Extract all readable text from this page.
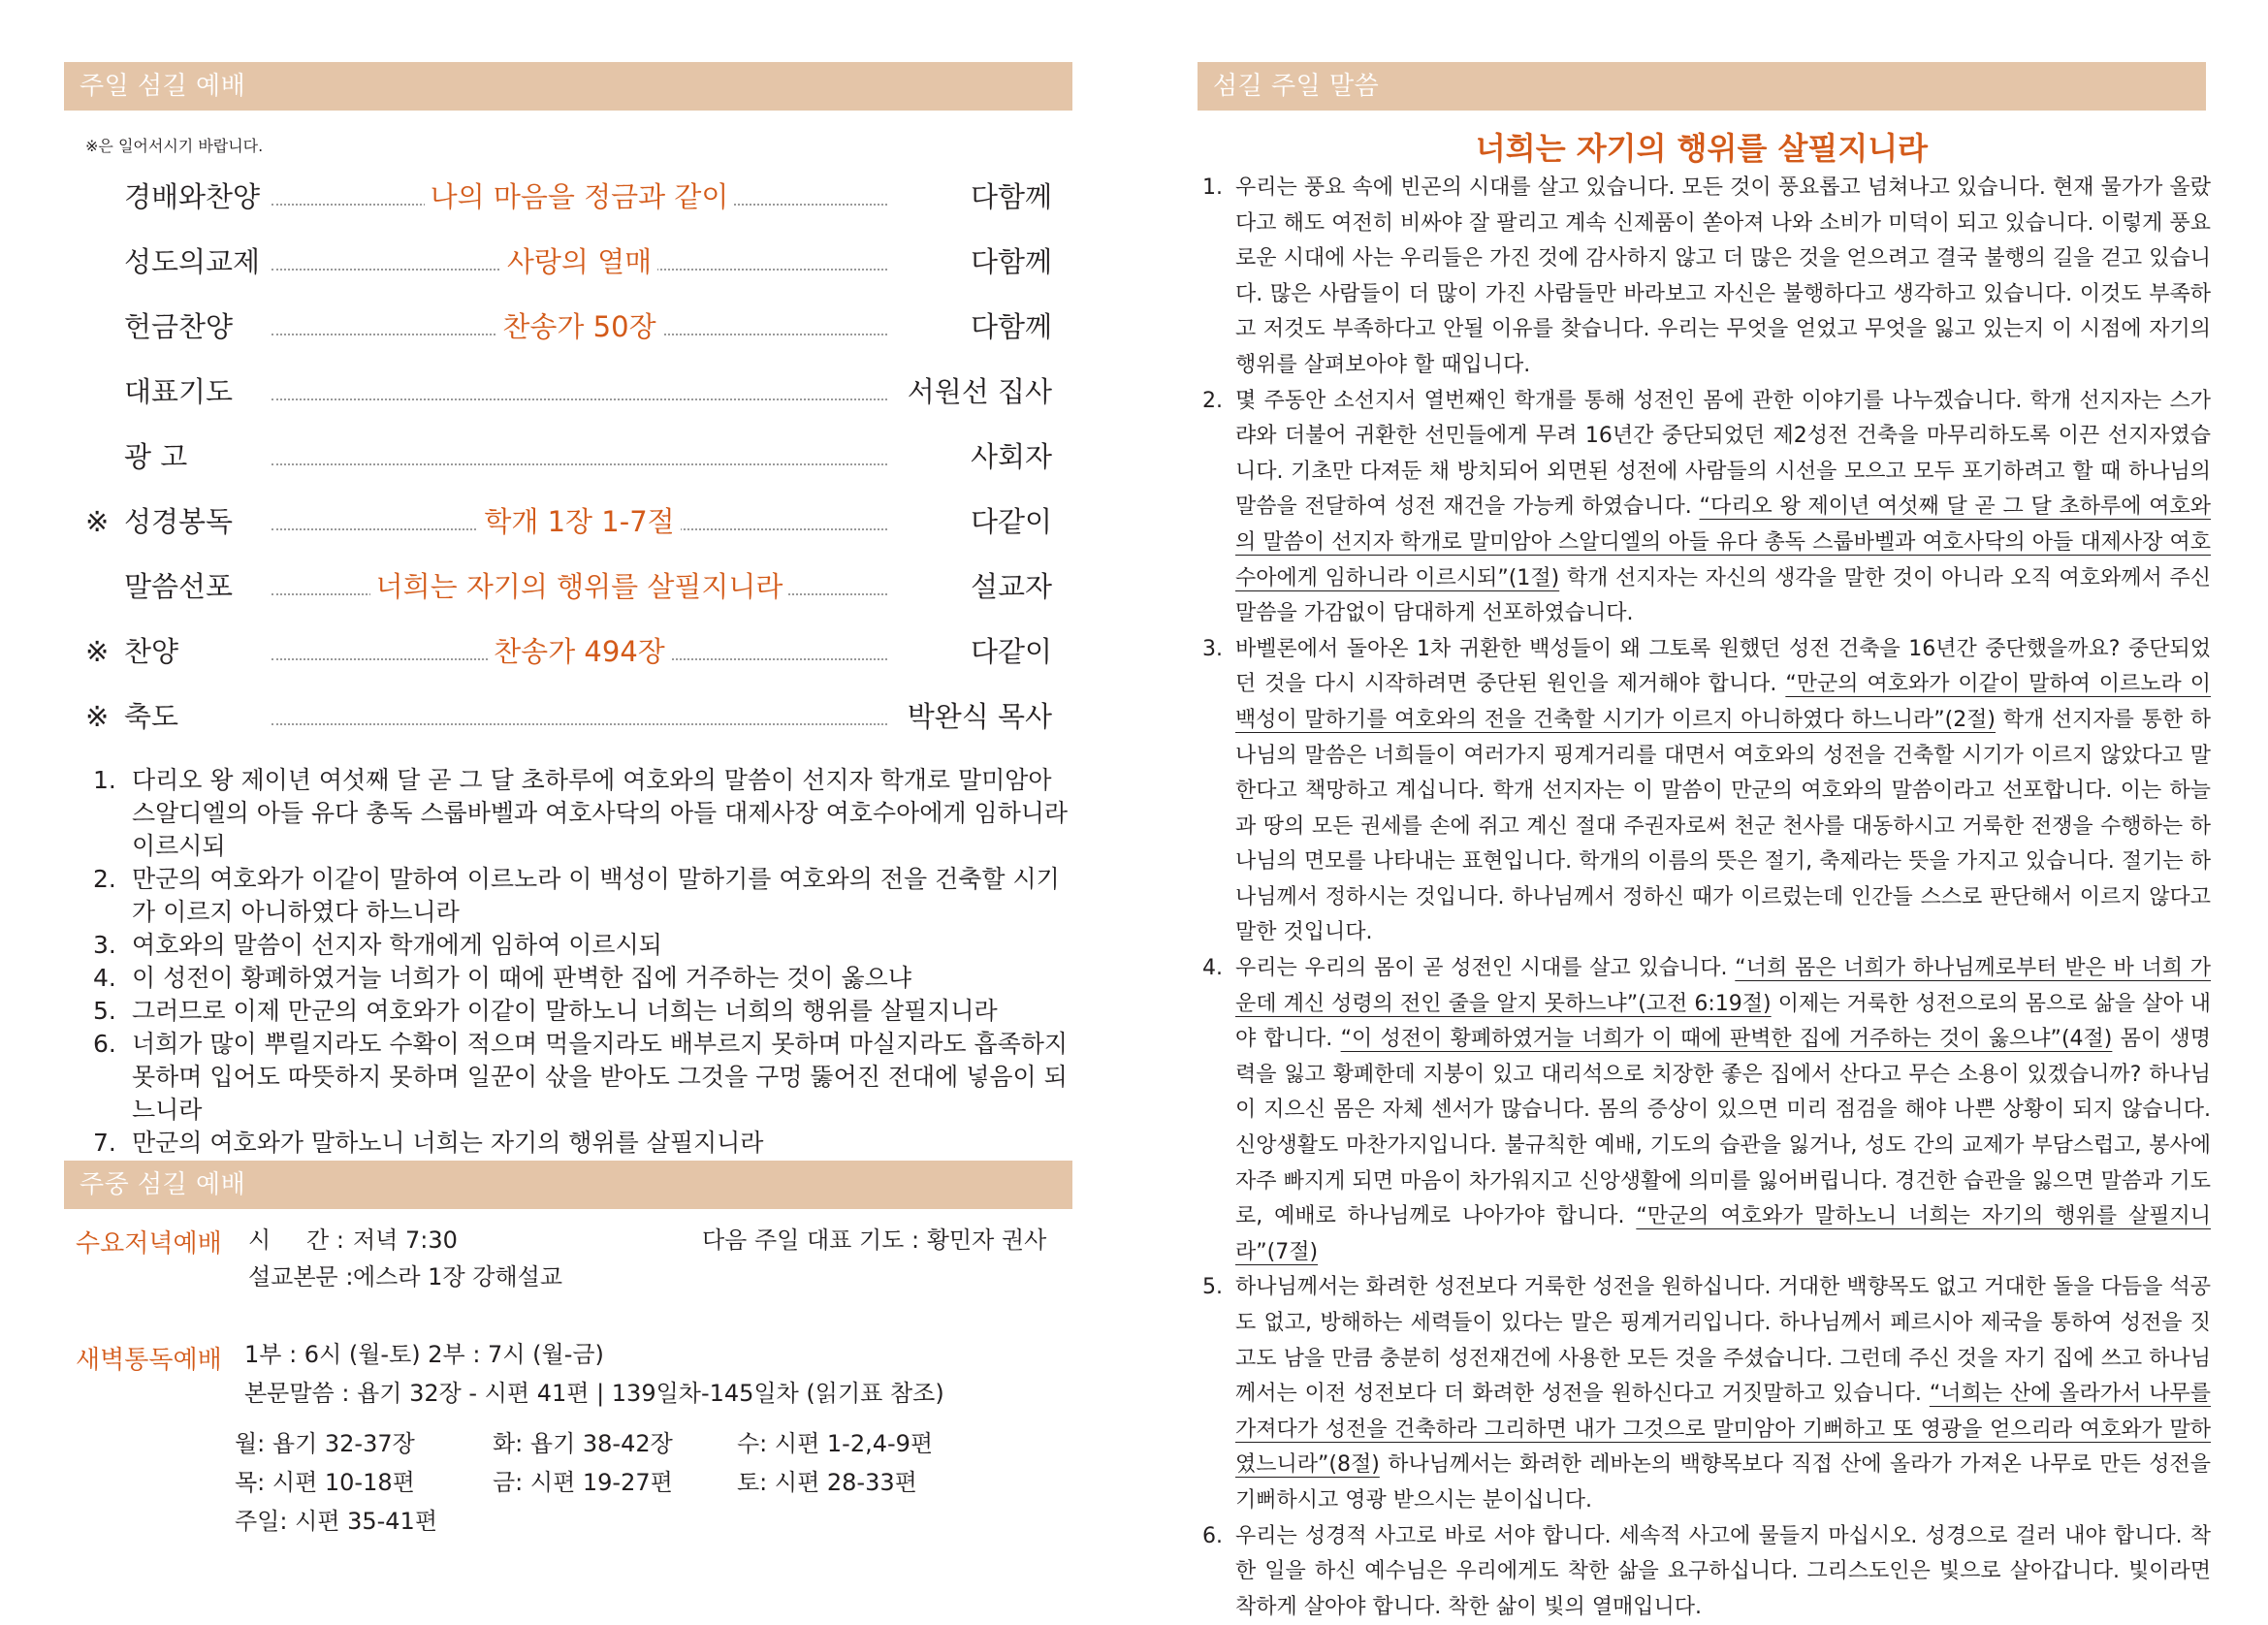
주일 섬길 예배
※은 일어서시기 바랍니다.
경배와찬양	나의 마음을 정금과 같이	다함께
성도의교제	사랑의 열매	다함께
헌금찬양	찬송가 50장	다함께
대표기도	서원선 집사
광 고	사회자
※ 성경봉독	학개 1장 1-7절	다같이
말씀선포	너희는 자기의 행위를 살필지니라	설교자
※ 찬양	찬송가 494장	다같이
※ 축도	박완식 목사
1. 다리오 왕 제이년 여섯째 달 곧 그 달 초하루에 여호와의 말씀이 선지자 학개로 말미암아 스알디엘의 아들 유다 총독 스룹바벨과 여호사닥의 아들 대제사장 여호수아에게 임하니라 이르시되
2. 만군의 여호와가 이같이 말하여 이르노라 이 백성이 말하기를 여호와의 전을 건축할 시기가 이르지 아니하였다 하느니라
3. 여호와의 말씀이 선지자 학개에게 임하여 이르시되
4. 이 성전이 황폐하였거늘 너희가 이 때에 판벽한 집에 거주하는 것이 옳으냐
5. 그러므로 이제 만군의 여호와가 이같이 말하노니 너희는 너희의 행위를 살필지니라
6. 너희가 많이 뿌릴지라도 수확이 적으며 먹을지라도 배부르지 못하며 마실지라도 흡족하지 못하며 입어도 따뜻하지 못하며 일꾼이 삯을 받아도 그것을 구멍 뚫어진 전대에 넣음이 되느니라
7. 만군의 여호와가 말하노니 너희는 자기의 행위를 살필지니라
주중 섬길 예배
수요저녁예배 시 간 : 저녁 7:30	다음 주일 대표 기도 : 황민자 권사
설교본문 : 에스라 1장 강해설교
새벽통독예배 1부 : 6시 (월-토) 2부 : 7시 (월-금)
본문말씀 : 욥기 32장 - 시편 41편 | 139일차-145일차 (읽기표 참조)
월: 욥기 32-37장	화: 욥기 38-42장	수: 시편 1-2,4-9편
목: 시편 10-18편	금: 시편 19-27편	토: 시편 28-33편
주일: 시편 35-41편
섬길 주일 말씀
너희는 자기의 행위를 살필지니라
1. 우리는 풍요 속에 빈곤의 시대를 살고 있습니다. 모든 것이 풍요롭고 넘쳐나고 있습니다. 현재 물가가 올랐다고 해도 여전히 비싸야 잘 팔리고 계속 신제품이 쏟아져 나와 소비가 미덕이 되고 있습니다. 이렇게 풍요로운 시대에 사는 우리들은 가진 것에 감사하지 않고 더 많은 것을 얻으려고 결국 불행의 길을 걷고 있습니다. 많은 사람들이 더 많이 가진 사람들만 바라보고 자신은 불행하다고 생각하고 있습니다. 이것도 부족하고 저것도 부족하다고 안될 이유를 찾습니다. 우리는 무엇을 얻었고 무엇을 잃고 있는지 이 시점에 자기의 행위를 살펴보아야 할 때입니다.
2. 몇 주동안 소선지서 열번째인 학개를 통해 성전인 몸에 관한 이야기를 나누겠습니다. 학개 선지자는 스가랴와 더불어 귀환한 선민들에게 무려 16년간 중단되었던 제2성전 건축을 마무리하도록 이끈 선지자였습니다. 기초만 다져둔 채 방치되어 외면된 성전에 사람들의 시선을 모으고 모두 포기하려고 할 때 하나님의 말씀을 전달하여 성전 재건을 가능케 하였습니다. “다리오 왕 제이년 여섯째 달 곧 그 달 초하루에 여호와의 말씀이 선지자 학개로 말미암아 스알디엘의 아들 유다 총독 스룹바벨과 여호사닥의 아들 대제사장 여호수아에게 임하니라 이르시되”(1절) 학개 선지자는 자신의 생각을 말한 것이 아니라 오직 여호와께서 주신 말씀을 가감없이 담대하게 선포하였습니다.
3. 바벨론에서 돌아온 1차 귀환한 백성들이 왜 그토록 원했던 성전 건축을 16년간 중단했을까요? 중단되었던 것을 다시 시작하려면 중단된 원인을 제거해야 합니다. “만군의 여호와가 이같이 말하여 이르노라 이 백성이 말하기를 여호와의 전을 건축할 시기가 이르지 아니하였다 하느니라”(2절) 학개 선지자를 통한 하나님의 말씀은 너희들이 여러가지 핑계거리를 대면서 여호와의 성전을 건축할 시기가 이르지 않았다고 말한다고 책망하고 계십니다. 학개 선지자는 이 말씀이 만군의 여호와의 말씀이라고 선포합니다. 이는 하늘과 땅의 모든 권세를 손에 쥐고 계신 절대 주권자로써 천군 천사를 대동하시고 거룩한 전쟁을 수행하는 하나님의 면모를 나타내는 표현입니다. 학개의 이름의 뜻은 절기, 축제라는 뜻을 가지고 있습니다. 절기는 하나님께서 정하시는 것입니다. 하나님께서 정하신 때가 이르렀는데 인간들 스스로 판단해서 이르지 않다고 말한 것입니다.
4. 우리는 우리의 몸이 곧 성전인 시대를 살고 있습니다. “너희 몸은 너희가 하나님께로부터 받은 바 너희 가운데 계신 성령의 전인 줄을 알지 못하느냐”(고전 6:19절) 이제는 거룩한 성전으로의 몸으로 삶을 살아 내야 합니다. “이 성전이 황폐하였거늘 너희가 이 때에 판벽한 집에 거주하는 것이 옳으냐”(4절) 몸이 생명력을 잃고 황폐한데 지붕이 있고 대리석으로 치장한 좋은 집에서 산다고 무슨 소용이 있겠습니까? 하나님이 지으신 몸은 자체 센서가 많습니다. 몸의 증상이 있으면 미리 점검을 해야 나쁜 상황이 되지 않습니다. 신앙생활도 마찬가지입니다. 불규칙한 예배, 기도의 습관을 잃거나, 성도 간의 교제가 부담스럽고, 봉사에 자주 빠지게 되면 마음이 차가워지고 신앙생활에 의미를 잃어버립니다. 경건한 습관을 잃으면 말씀과 기도로, 예배로 하나님께로 나아가야 합니다. “만군의 여호와가 말하노니 너희는 자기의 행위를 살필지니라”(7절)
5. 하나님께서는 화려한 성전보다 거룩한 성전을 원하십니다. 거대한 백향목도 없고 거대한 돌을 다듬을 석공도 없고, 방해하는 세력들이 있다는 말은 핑계거리입니다. 하나님께서 페르시아 제국을 통하여 성전을 짓고도 남을 만큼 충분히 성전재건에 사용한 모든 것을 주셨습니다. 그런데 주신 것을 자기 집에 쓰고 하나님께서는 이전 성전보다 더 화려한 성전을 원하신다고 거짓말하고 있습니다. “너희는 산에 올라가서 나무를 가져다가 성전을 건축하라 그리하면 내가 그것으로 말미암아 기뻐하고 또 영광을 얻으리라 여호와가 말하였느니라”(8절) 하나님께서는 화려한 레바논의 백향목보다 직접 산에 올라가 가져온 나무로 만든 성전을 기뻐하시고 영광 받으시는 분이십니다.
6. 우리는 성경적 사고로 바로 서야 합니다. 세속적 사고에 물들지 마십시오. 성경으로 걸러 내야 합니다. 착한 일을 하신 예수님은 우리에게도 착한 삶을 요구하십니다. 그리스도인은 빛으로 살아갑니다. 빛이라면 착하게 살아야 합니다. 착한 삶이 빛의 열매입니다.
